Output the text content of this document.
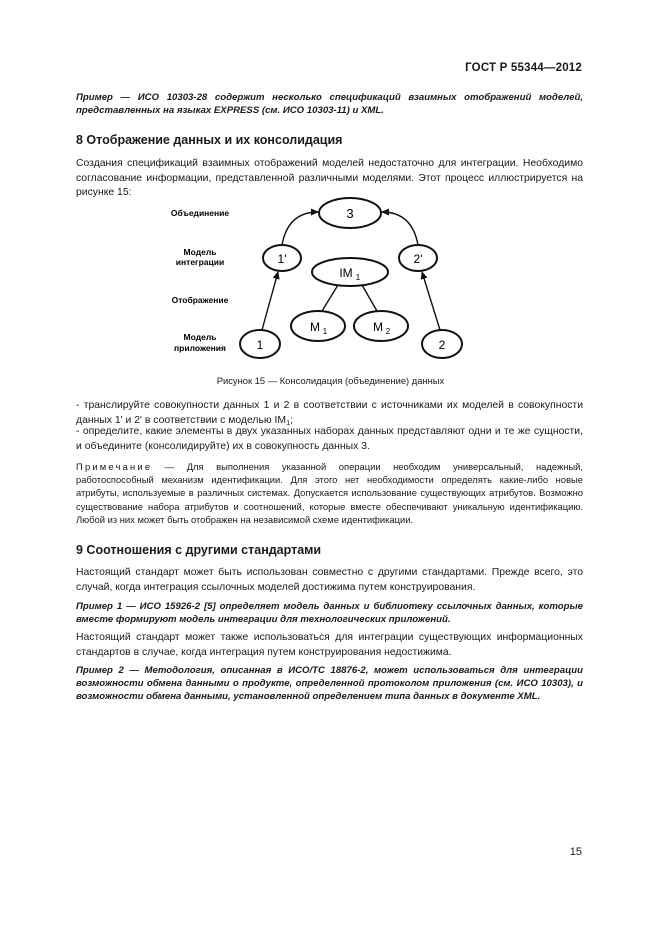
ГОСТ Р 55344—2012
Пример — ИСО 10303-28 содержит несколько спецификаций взаимных отображений моделей, представленных на языках EXPRESS (см. ИСО 10303-11) и XML.
8 Отображение данных и их консолидация
Создания спецификаций взаимных отображений моделей недостаточно для интеграции. Необходимо согласование информации, представленной различными моделями. Этот процесс иллюстрируется на рисунке 15:
Объединение
Модель
интеграции
Отображение
Модель
приложения
3
1'	2'
IM 1
M 1	M 2
1	2
Рисунок 15 — Консолидация (объединение) данных
- транслируйте совокупности данных 1 и 2 в соответствии с источниками их моделей в совокупности данных 1' и 2' в соответствии с моделью $IM_1$;
- определите, какие элементы в двух указанных наборах данных представляют одни и те же сущности, и объедините (консолидируйте) их в совокупность данных 3.
Примечание — Для выполнения указанной операции необходим универсальный, надежный, работоспособный механизм идентификации. Для этого нет необходимости определять какие-либо новые атрибуты, используемые в различных системах. Допускается использование существующих атрибутов. Возможно существование набора атрибутов и соотношений, которые вместе обеспечивают уникальную идентификацию. Любой из них может быть отображен на независимой схеме идентификации.
9 Соотношения с другими стандартами
Настоящий стандарт может быть использован совместно с другими стандартами. Прежде всего, это случай, когда интеграция ссылочных моделей достижима путем конструирования.
Пример 1 — ИСО 15926-2 [5] определяет модель данных и библиотеку ссылочных данных, которые вместе формируют модель интеграции для технологических приложений.
Настоящий стандарт может также использоваться для интеграции существующих информационных стандартов в случае, когда интеграция путем конструирования недостижима.
Пример 2 — Методология, описанная в ИСО/ТС 18876-2, может использоваться для интеграции возможности обмена данными о продукте, определенной протоколом приложения (см. ИСО 10303), и возможности обмена данными, установленной определением типа данных в документе XML.
15
